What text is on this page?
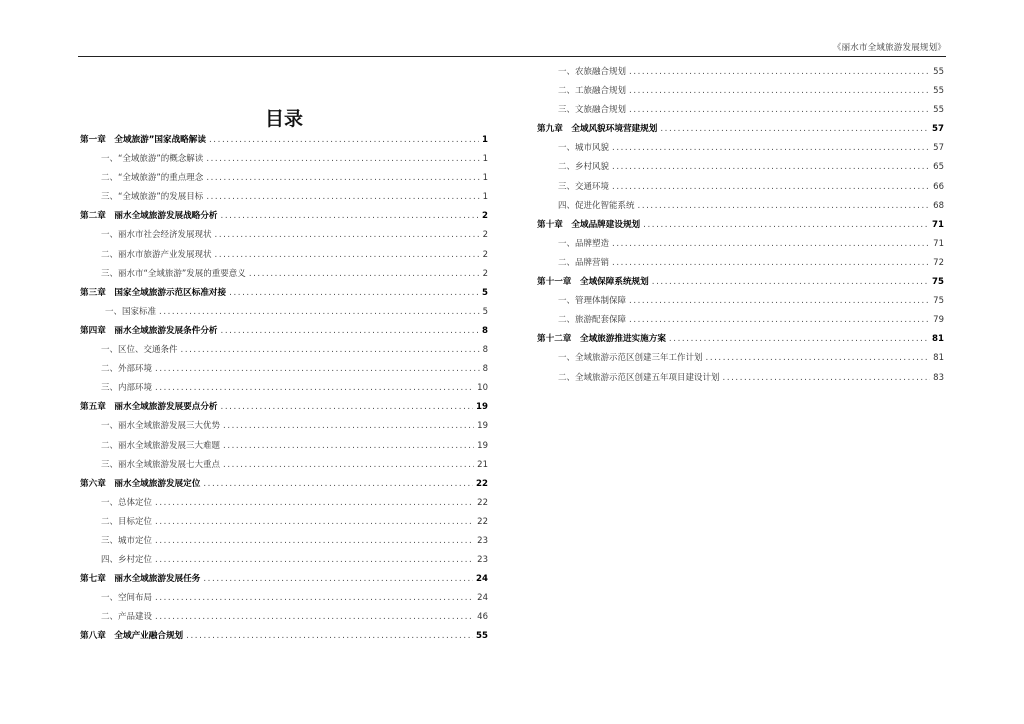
《丽水市全域旅游发展规划》
目录
第一章　全域旅游”国家战略解读 .....	1
一、“全域旅游”的概念解读 .....	1
二、“全域旅游”的重点理念 .....	1
三、“全域旅游”的发展目标 .....	1
第二章　丽水全域旅游发展战略分析 .....	2
一、丽水市社会经济发展现状 .....	2
二、丽水市旅游产业发展现状 .....	2
三、丽水市“全域旅游”发展的重要意义 .....	2
第三章　国家全域旅游示范区标准对接 .....	5
一、国家标准 .....	5
第四章　丽水全域旅游发展条件分析 .....	8
一、区位、交通条件 .....	8
二、外部环境 .....	8
三、内部环境 .....	10
第五章　丽水全域旅游发展要点分析 .....	19
一、丽水全域旅游发展三大优势 .....	19
二、丽水全域旅游发展三大难题 .....	19
三、丽水全域旅游发展七大重点 .....	21
第六章　丽水全域旅游发展定位 .....	22
一、总体定位 .....	22
二、目标定位 .....	22
三、城市定位 .....	23
四、乡村定位 .....	23
第七章　丽水全域旅游发展任务 .....	24
一、空间布局 .....	24
二、产品建设 .....	46
第八章　全域产业融合规划 .....	55
一、农旅融合规划 .....	55
二、工旅融合规划 .....	55
三、文旅融合规划 .....	55
第九章　全域风貌环境营建规划 .....	57
一、城市风貌 .....	57
二、乡村风貌 .....	65
三、交通环境 .....	66
四、促进化智能系统 .....	68
第十章　全域品牌建设规划 .....	71
一、品牌塑造 .....	71
二、品牌营销 .....	72
第十一章　全域保障系统规划 .....	75
一、管理体制保障 .....	75
二、旅游配套保障 .....	79
第十二章　全域旅游推进实施方案 .....	81
一、全域旅游示范区创建三年工作计划 .....	81
二、全域旅游示范区创建五年项目建设计划 .....	83
